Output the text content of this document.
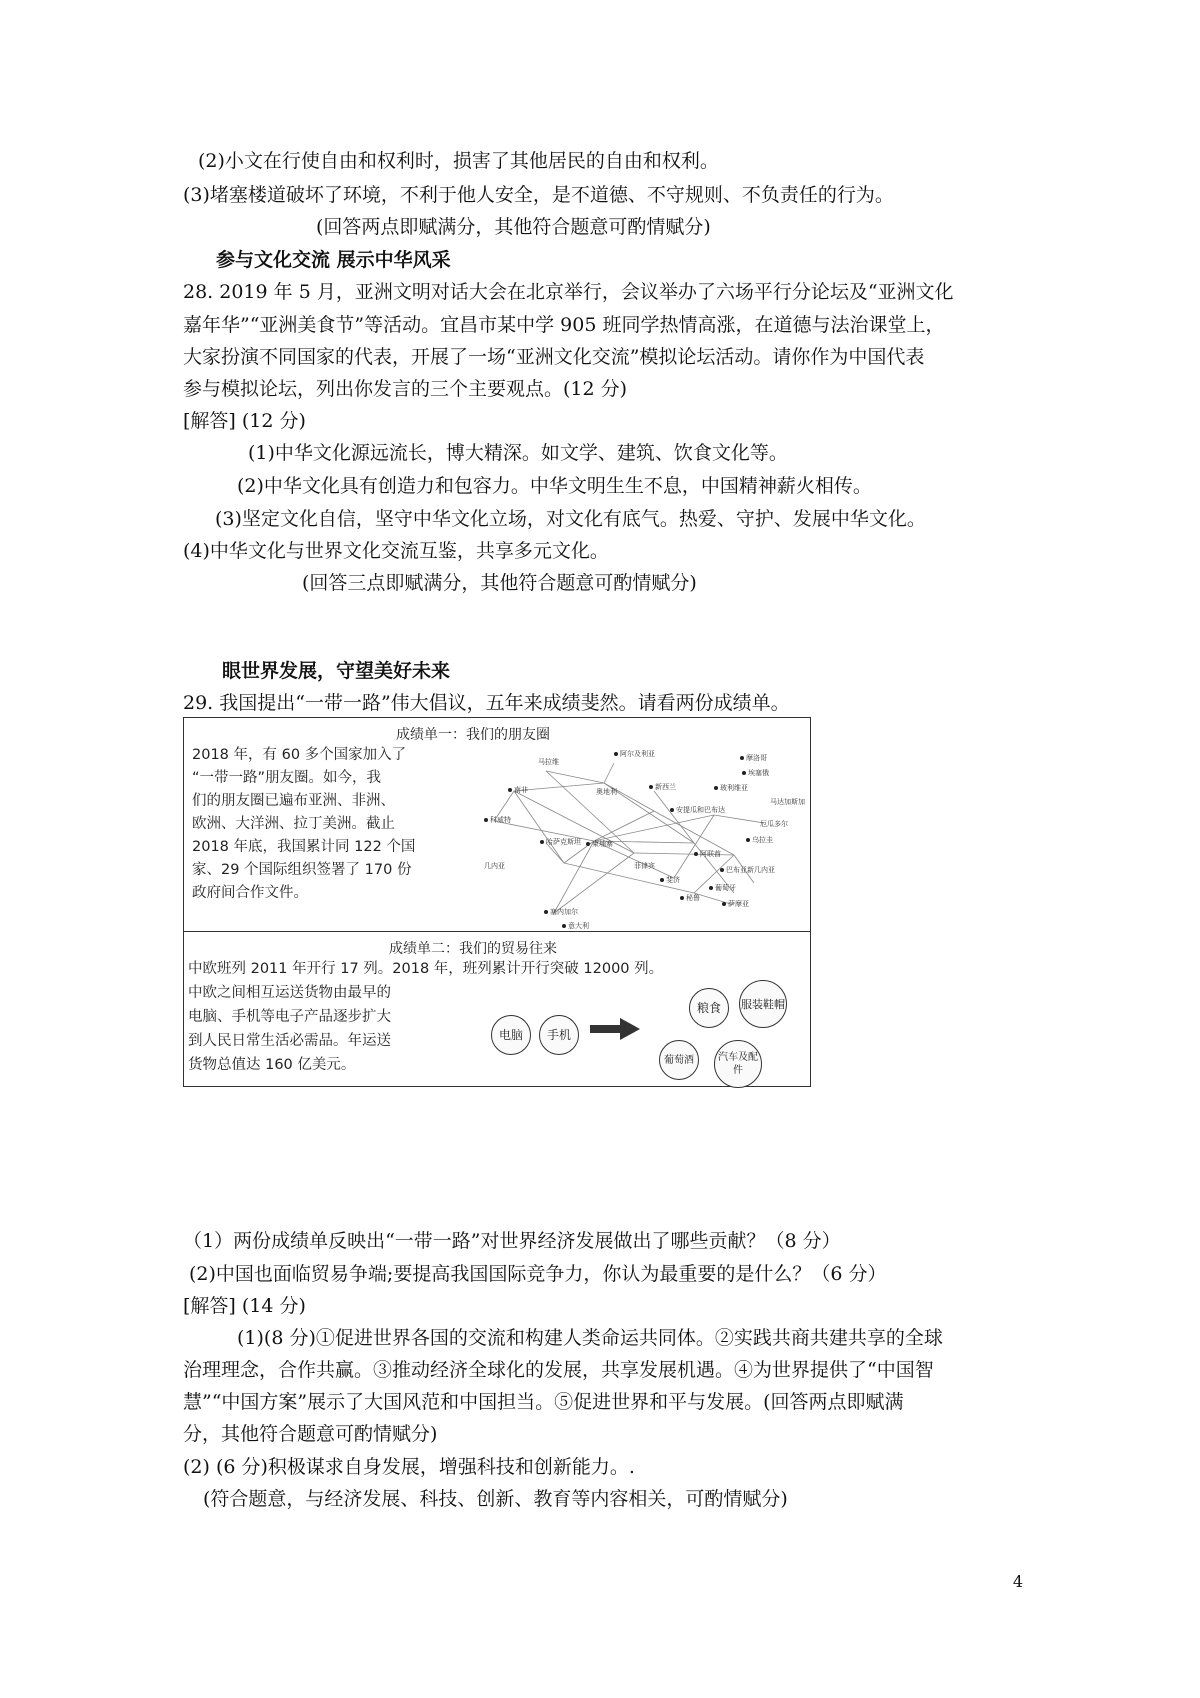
(2)小文在行使自由和权利时，损害了其他居民的自由和权利。

(3)堵塞楼道破坏了环境，不利于他人安全，是不道德、不守规则、不负责任的行为。

(回答两点即赋满分，其他符合题意可酌情赋分)

参与文化交流 展示中华风采

28. 2019 年 5 月，亚洲文明对话大会在北京举行，会议举办了六场平行分论坛及“亚洲文化

嘉年华”“亚洲美食节”等活动。宜昌市某中学 905 班同学热情高涨，在道德与法治课堂上，

大家扮演不同国家的代表，开展了一场“亚洲文化交流”模拟论坛活动。请你作为中国代表

参与模拟论坛，列出你发言的三个主要观点。(12 分)

[解答] (12 分)

(1)中华文化源远流长，博大精深。如文学、建筑、饮食文化等。

(2)中华文化具有创造力和包容力。中华文明生生不息，中国精神薪火相传。

(3)坚定文化自信，坚守中华文化立场，对文化有底气。热爱、守护、发展中华文化。

(4)中华文化与世界文化交流互鉴，共享多元文化。

(回答三点即赋满分，其他符合题意可酌情赋分)

眼世界发展，守望美好未来

29. 我国提出“一带一路”伟大倡议，五年来成绩斐然。请看两份成绩单。

成绩单一：我们的朋友圈
2018 年，有 60 多个国家加入了
“一带一路”朋友圈。如今，我
们的朋友圈已遍布亚洲、非洲、
欧洲、大洋洲、拉丁美洲。截止
2018 年底，我国累计同 122 个国
家、29 个国际组织签署了 170 份
政府间合作文件。
马拉维
阿尔及利亚	摩洛哥
埃塞俄
南非	奥地利
新西兰	玻利维亚
马达加斯加
安提瓜和巴布达
厄瓜多尔
乌拉圭
科威特
哈萨克斯坦	柬埔寨
阿联酋
巴布亚新几内亚
几内亚	菲律宾
斐济
秘鲁
萨摩亚
塞内加尔
意大利
葡萄牙
成绩单二：我们的贸易往来
中欧班列 2011 年开行 17 列。2018 年，班列累计开行突破 12000 列。
中欧之间相互运送货物由最早的
电脑、手机等电子产品逐步扩大
到人民日常生活必需品。年运送
货物总值达 160 亿美元。
电脑	手机
粮食	服装鞋帽
葡萄酒	汽车及配件

（1）两份成绩单反映出“一带一路”对世界经济发展做出了哪些贡献？（8 分）

(2)中国也面临贸易争端;要提高我国国际竞争力，你认为最重要的是什么？（6 分）

[解答] (14 分)

(1)(8 分)①促进世界各国的交流和构建人类命运共同体。②实践共商共建共享的全球

治理理念，合作共赢。③推动经济全球化的发展，共享发展机遇。④为世界提供了“中国智

慧”“中国方案”展示了大国风范和中国担当。⑤促进世界和平与发展。(回答两点即赋满

分，其他符合题意可酌情赋分)

(2) (6 分)积极谋求自身发展，增强科技和创新能力。.

(符合题意，与经济发展、科技、创新、教育等内容相关，可酌情赋分)

4
